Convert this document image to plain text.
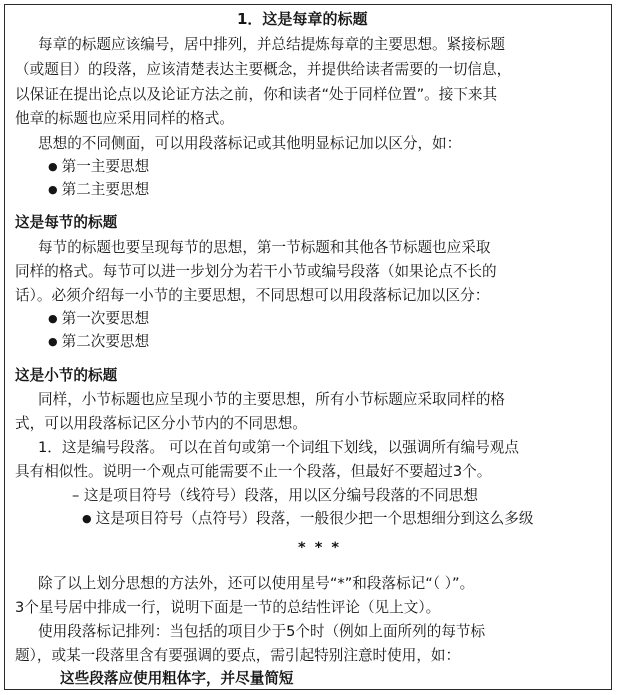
1．这是每章的标题
每章的标题应该编号，居中排列，并总结提炼每章的主要思想。紧接标题
（或题目）的段落，应该清楚表达主要概念，并提供给读者需要的一切信息，
以保证在提出论点以及论证方法之前，你和读者“处于同样位置”。接下来其
他章的标题也应采用同样的格式。
思想的不同侧面，可以用段落标记或其他明显标记加以区分，如：
● 第一主要思想
● 第二主要思想
这是每节的标题
每节的标题也要呈现每节的思想，第一节标题和其他各节标题也应采取
同样的格式。每节可以进一步划分为若干小节或编号段落（如果论点不长的
话）。必须介绍每一小节的主要思想，不同思想可以用段落标记加以区分：
● 第一次要思想
● 第二次要思想
这是小节的标题
同样，小节标题也应呈现小节的主要思想，所有小节标题应采取同样的格
式，可以用段落标记区分小节内的不同思想。
1．这是编号段落。 可以在首句或第一个词组下划线，以强调所有编号观点
具有相似性。说明一个观点可能需要不止一个段落，但最好不要超过3个。
– 这是项目符号（线符号）段落，用以区分编号段落的不同思想
● 这是项目符号（点符号）段落，一般很少把一个思想细分到这么多级
* * *
除了以上划分思想的方法外，还可以使用星号“*”和段落标记“（ ）”。
3个星号居中排成一行，说明下面是一节的总结性评论（见上文）。
使用段落标记排列：当包括的项目少于5个时（例如上面所列的每节标
题），或某一段落里含有要强调的要点，需引起特别注意时使用，如：
这些段落应使用粗体字，并尽量简短
